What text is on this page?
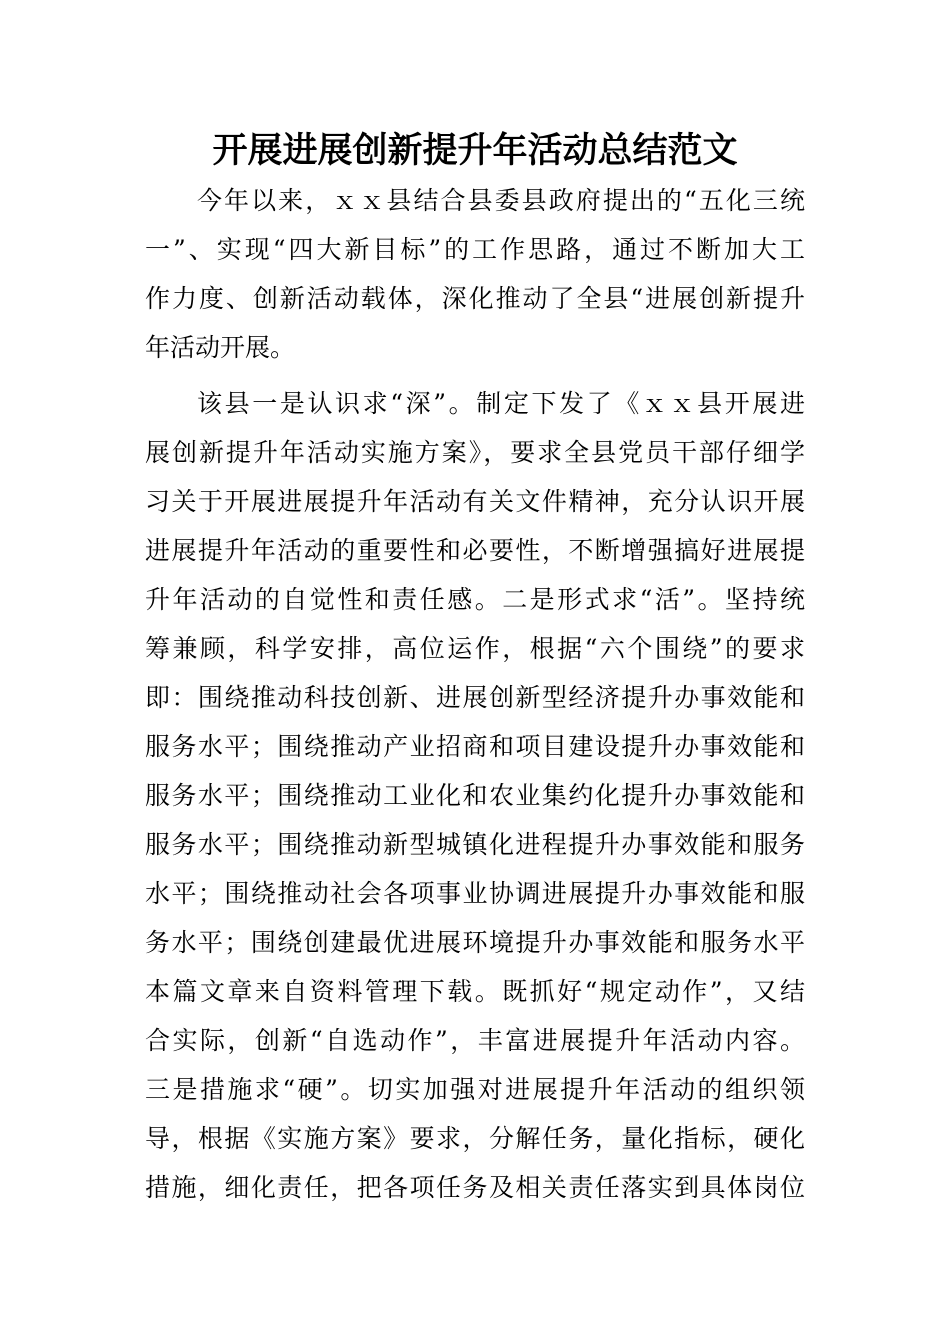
开展进展创新提升年活动总结范文
今年以来，ｘｘ县结合县委县政府提出的“五化三统
一”、实现“四大新目标”的工作思路，通过不断加大工
作力度、创新活动载体，深化推动了全县“进展创新提升
年活动开展。
该县一是认识求“深”。制定下发了《ｘｘ县开展进
展创新提升年活动实施方案》，要求全县党员干部仔细学
习关于开展进展提升年活动有关文件精神，充分认识开展
进展提升年活动的重要性和必要性，不断增强搞好进展提
升年活动的自觉性和责任感。二是形式求“活”。坚持统
筹兼顾，科学安排，高位运作，根据“六个围绕”的要求
即：围绕推动科技创新、进展创新型经济提升办事效能和
服务水平；围绕推动产业招商和项目建设提升办事效能和
服务水平；围绕推动工业化和农业集约化提升办事效能和
服务水平；围绕推动新型城镇化进程提升办事效能和服务
水平；围绕推动社会各项事业协调进展提升办事效能和服
务水平；围绕创建最优进展环境提升办事效能和服务水平
本篇文章来自资料管理下载。既抓好“规定动作”，又结
合实际，创新“自选动作”，丰富进展提升年活动内容。
三是措施求“硬”。切实加强对进展提升年活动的组织领
导，根据《实施方案》要求，分解任务，量化指标，硬化
措施，细化责任，把各项任务及相关责任落实到具体岗位
